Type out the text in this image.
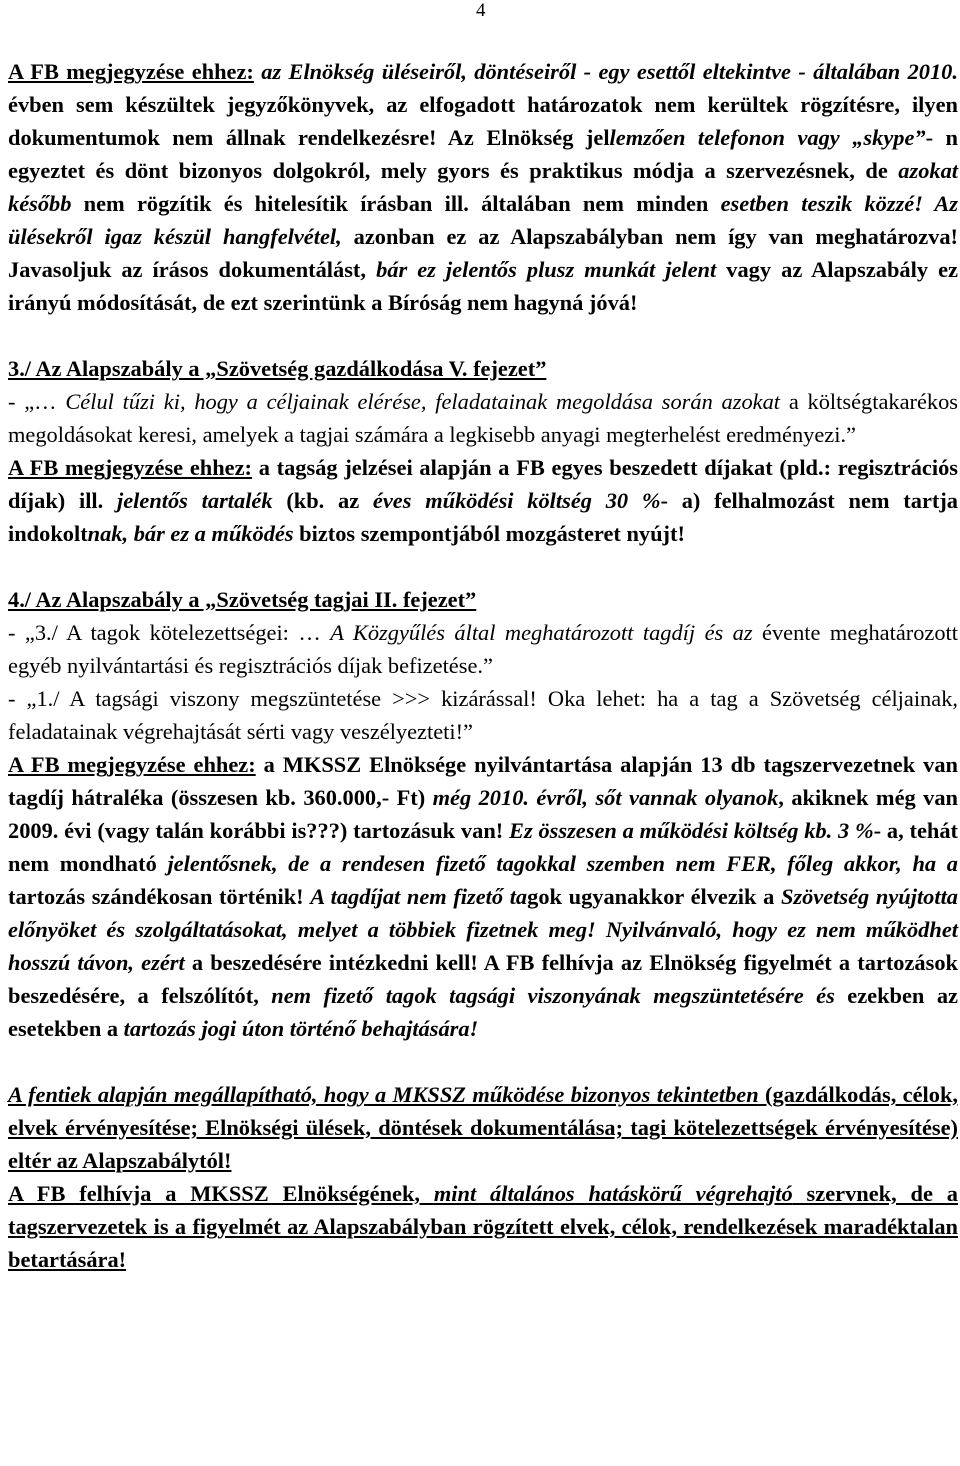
4

A FB megjegyzése ehhez: az Elnökség üléseiről, döntéseiről - egy esettől eltekintve - általában 2010. évben sem készültek jegyzőkönyvek, az elfogadott határozatok nem kerültek rögzítésre, ilyen dokumentumok nem állnak rendelkezésre! Az Elnökség jellemzően telefonon vagy „skype”- n egyeztet és dönt bizonyos dolgokról, mely gyors és praktikus módja a szervezésnek, de azokat később nem rögzítik és hitelesítik írásban ill. általában nem minden esetben teszik közzé! Az ülésekről igaz készül hangfelvétel, azonban ez az Alapszabályban nem így van meghatározva! Javasoljuk az írásos dokumentálást, bár ez jelentős plusz munkát jelent vagy az Alapszabály ez irányú módosítását, de ezt szerintünk a Bíróság nem hagyná jóvá!

3./ Az Alapszabály a „Szövetség gazdálkodása V. fejezet”

- „… Célul tűzi ki, hogy a céljainak elérése, feladatainak megoldása során azokat a költségtakarékos megoldásokat keresi, amelyek a tagjai számára a legkisebb anyagi megterhelést eredményezi.”

A FB megjegyzése ehhez: a tagság jelzései alapján a FB egyes beszedett díjakat (pld.: regisztrációs díjak) ill. jelentős tartalék (kb. az éves működési költség 30 %- a) felhalmozást nem tartja indokoltnak, bár ez a működés biztos szempontjából mozgásteret nyújt!

4./ Az Alapszabály a „Szövetség tagjai II. fejezet”

- „3./ A tagok kötelezettségei: … A Közgyűlés által meghatározott tagdíj és az évente meghatározott egyéb nyilvántartási és regisztrációs díjak befizetése.”

- „1./ A tagsági viszony megszüntetése >>> kizárással! Oka lehet: ha a tag a Szövetség céljainak, feladatainak végrehajtását sérti vagy veszélyezteti!”

A FB megjegyzése ehhez: a MKSSZ Elnöksége nyilvántartása alapján 13 db tagszervezetnek van tagdíj hátraléka (összesen kb. 360.000,- Ft) még 2010. évről, sőt vannak olyanok, akiknek még van 2009. évi (vagy talán korábbi is???) tartozásuk van! Ez összesen a működési költség kb. 3 %- a, tehát nem mondható jelentősnek, de a rendesen fizető tagokkal szemben nem FER, főleg akkor, ha a tartozás szándékosan történik! A tagdíjat nem fizető tagok ugyanakkor élvezik a Szövetség nyújtotta előnyöket és szolgáltatásokat, melyet a többiek fizetnek meg! Nyilvánvaló, hogy ez nem működhet hosszú távon, ezért a beszedésére intézkedni kell! A FB felhívja az Elnökség figyelmét a tartozások beszedésére, a felszólítót, nem fizető tagok tagsági viszonyának megszüntetésére és ezekben az esetekben a tartozás jogi úton történő behajtására!

A fentiek alapján megállapítható, hogy a MKSSZ működése bizonyos tekintetben (gazdálkodás, célok, elvek érvényesítése; Elnökségi ülések, döntések dokumentálása; tagi kötelezettségek érvényesítése) eltér az Alapszabálytól!

A FB felhívja a MKSSZ Elnökségének, mint általános hatáskörű végrehajtó szervnek, de a tagszervezetek is a figyelmét az Alapszabályban rögzített elvek, célok, rendelkezések maradéktalan betartására!
